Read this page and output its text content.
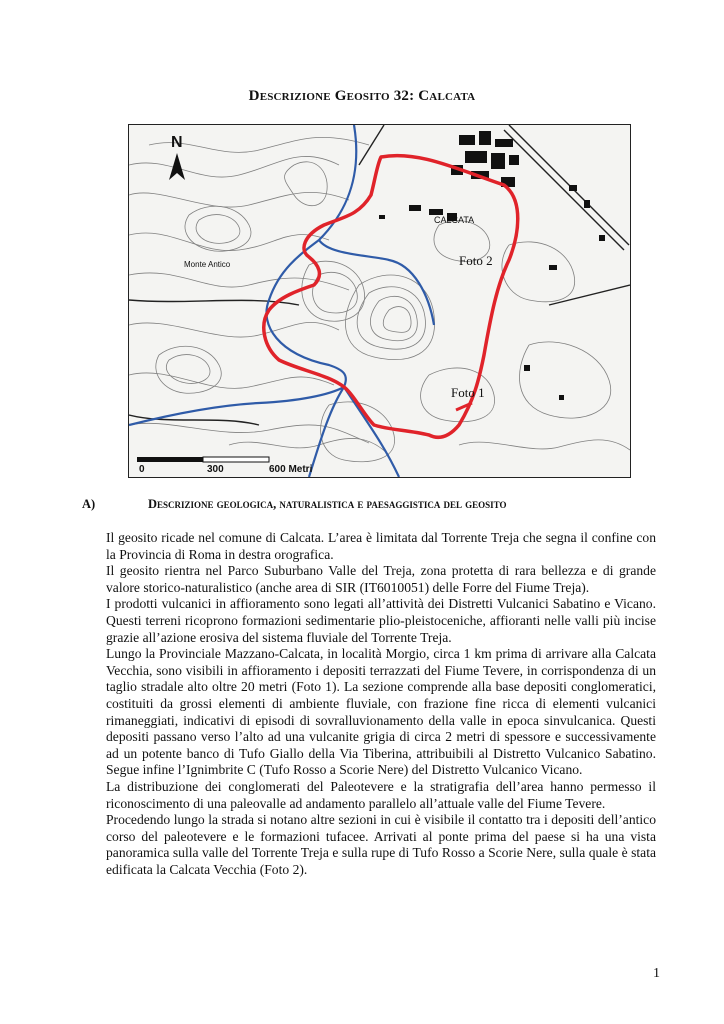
Descrizione Geosito 32: Calcata
N
CALCATA
Monte Antico	Foto 2
Foto 1
0	300	600 Metri
A)	Descrizione geologica, naturalistica e paesaggistica del geosito

Il geosito ricade nel comune di Calcata. L’area è limitata dal Torrente Treja che segna il confine con la Provincia di Roma in destra orografica.

Il geosito rientra nel Parco Suburbano Valle del Treja, zona protetta di rara bellezza e di grande valore storico-naturalistico (anche area di SIR (IT6010051) delle Forre del Fiume Treja).

I prodotti vulcanici in affioramento sono legati all’attività dei Distretti Vulcanici Sabatino e Vicano. Questi terreni ricoprono formazioni sedimentarie plio-pleistoceniche, affioranti nelle valli più incise grazie all’azione erosiva del sistema fluviale del Torrente Treja.

Lungo la Provinciale Mazzano-Calcata, in località Morgio, circa 1 km prima di arrivare alla Calcata Vecchia, sono visibili in affioramento i depositi terrazzati del Fiume Tevere, in corrispondenza di un taglio stradale alto oltre 20 metri (Foto 1). La sezione comprende alla base depositi conglomeratici, costituiti da grossi elementi di ambiente fluviale, con frazione fine ricca di elementi vulcanici rimaneggiati, indicativi di episodi di sovralluvionamento della valle in epoca sinvulcanica. Questi depositi passano verso l’alto ad una vulcanite grigia di circa 2 metri di spessore e successivamente ad un potente banco di Tufo Giallo della Via Tiberina, attribuibili al Distretto Vulcanico Sabatino. Segue infine l’Ignimbrite C (Tufo Rosso a Scorie Nere) del Distretto Vulcanico Vicano.

La distribuzione dei conglomerati del Paleotevere e la stratigrafia dell’area hanno permesso il riconoscimento di una paleovalle ad andamento parallelo all’attuale valle del Fiume Tevere.

Procedendo lungo la strada si notano altre sezioni in cui è visibile il contatto tra i depositi dell’antico corso del paleotevere e le formazioni tufacee. Arrivati al ponte prima del paese si ha una vista panoramica sulla valle del Torrente Treja e sulla rupe di Tufo Rosso a Scorie Nere, sulla quale è stata edificata la Calcata Vecchia (Foto 2).

1
